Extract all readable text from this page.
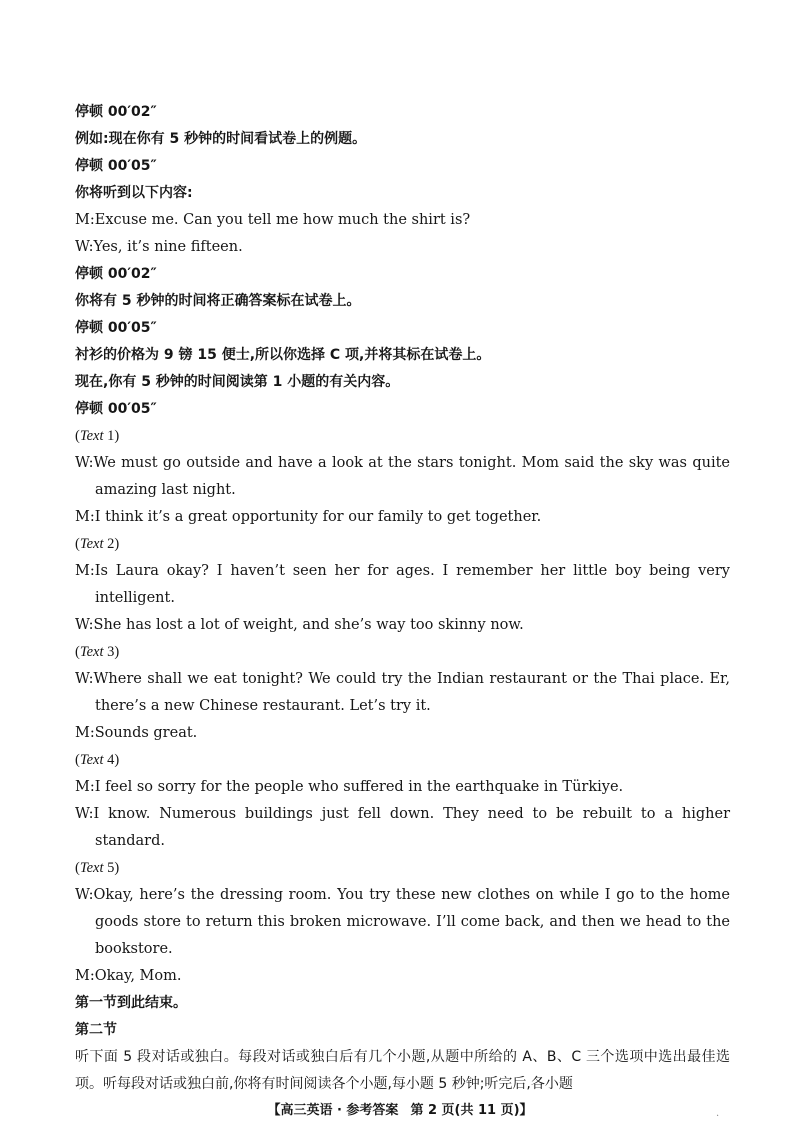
停顿 00′02″
例如:现在你有 5 秒钟的时间看试卷上的例题。
停顿 00′05″
你将听到以下内容:
M:Excuse me. Can you tell me how much the shirt is?
W:Yes, it’s nine fifteen.
停顿 00′02″
你将有 5 秒钟的时间将正确答案标在试卷上。
停顿 00′05″
衬衫的价格为 9 镑 15 便士,所以你选择 C 项,并将其标在试卷上。
现在,你有 5 秒钟的时间阅读第 1 小题的有关内容。
停顿 00′05″
(Text 1)
W:We must go outside and have a look at the stars tonight. Mom said the sky was quite amazing last night.
M:I think it’s a great opportunity for our family to get together.
(Text 2)
M:Is Laura okay? I haven’t seen her for ages. I remember her little boy being very intelligent.
W:She has lost a lot of weight, and she’s way too skinny now.
(Text 3)
W:Where shall we eat tonight? We could try the Indian restaurant or the Thai place. Er, there’s a new Chinese restaurant. Let’s try it.
M:Sounds great.
(Text 4)
M:I feel so sorry for the people who suffered in the earthquake in Türkiye.
W:I know. Numerous buildings just fell down. They need to be rebuilt to a higher standard.
(Text 5)
W:Okay, here’s the dressing room. You try these new clothes on while I go to the home goods store to return this broken microwave. I’ll come back, and then we head to the bookstore.
M:Okay, Mom.
第一节到此结束。
第二节
听下面 5 段对话或独白。每段对话或独白后有几个小题,从题中所给的 A、B、C 三个选项中选出最佳选项。听每段对话或独白前,你将有时间阅读各个小题,每小题 5 秒钟;听完后,各小题
【高三英语 · 参考答案 第 2 页(共 11 页)】	.
